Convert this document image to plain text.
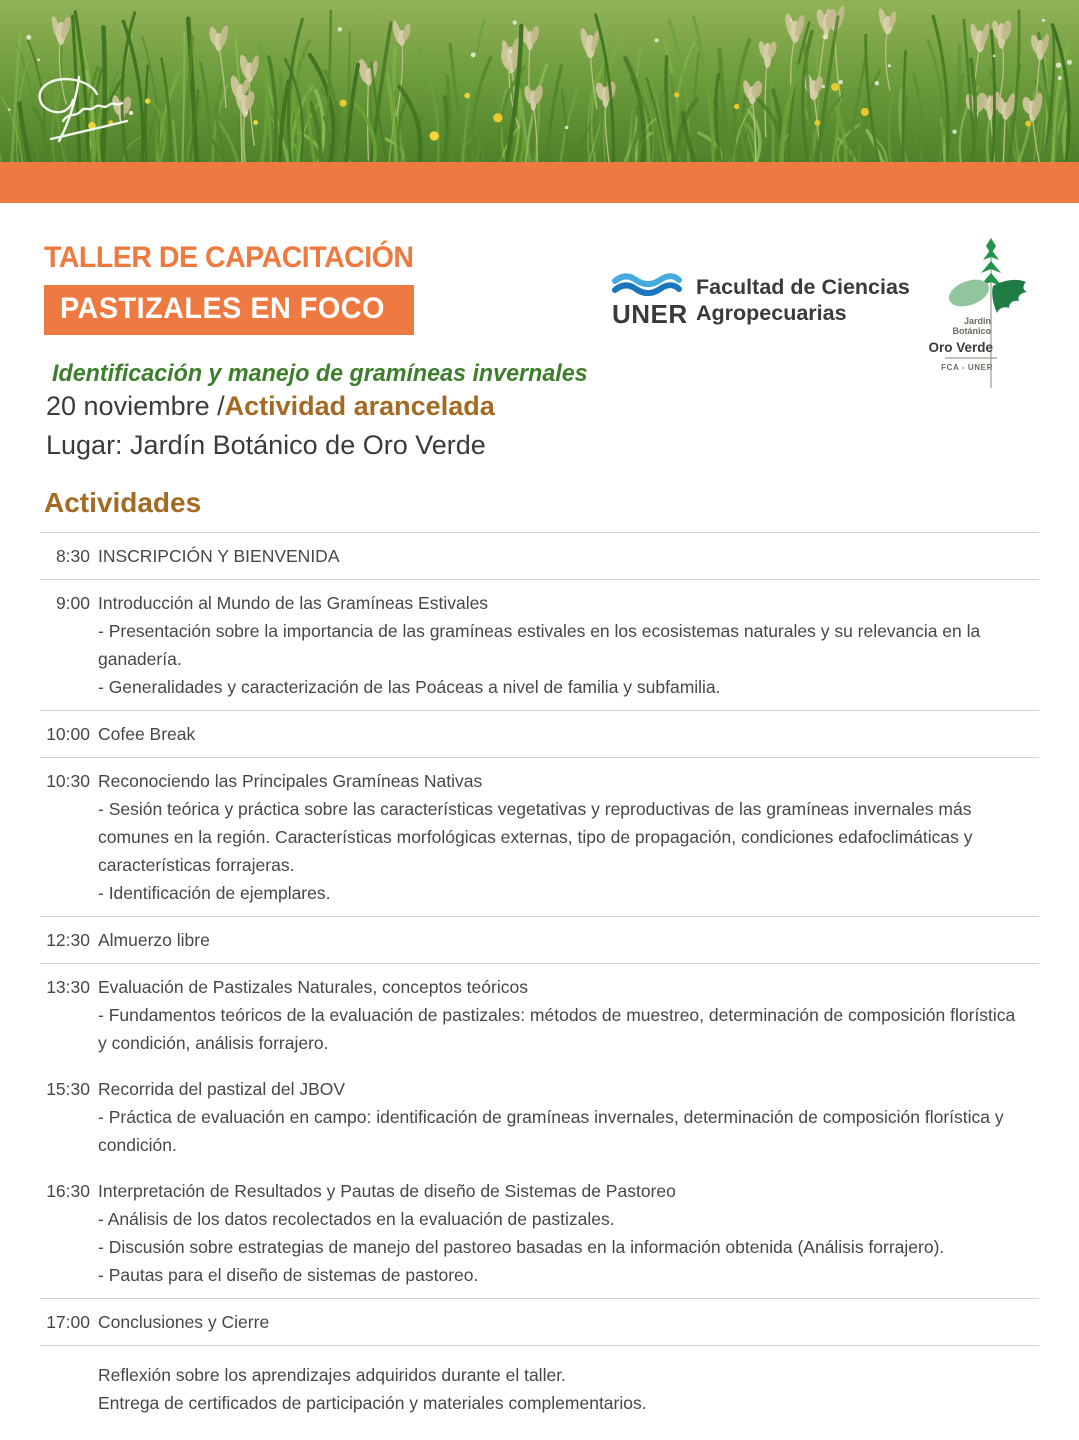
TALLER DE CAPACITACIÓN
PASTIZALES EN FOCO
Identificación y manejo de gramíneas invernales
20 noviembre /Actividad arancelada
Lugar: Jardín Botánico de Oro Verde
UNER
Facultad de Ciencias
Agropecuarias	Jardín
Botánico
Oro Verde
FCA - UNER
Actividades
8:30 INSCRIPCIÓN Y BIENVENIDA
9:00 Introducción al Mundo de las Gramíneas Estivales
- Presentación sobre la importancia de las gramíneas estivales en los ecosistemas naturales y su relevancia en la ganadería.
- Generalidades y caracterización de las Poáceas a nivel de familia y subfamilia.
10:00 Cofee Break
10:30 Reconociendo las Principales Gramíneas Nativas
- Sesión teórica y práctica sobre las características vegetativas y reproductivas de las gramíneas invernales más comunes en la región. Características morfológicas externas, tipo de propagación, condiciones edafoclimáticas y características forrajeras.
- Identificación de ejemplares.
12:30 Almuerzo libre
13:30 Evaluación de Pastizales Naturales, conceptos teóricos
- Fundamentos teóricos de la evaluación de pastizales: métodos de muestreo, determinación de composición florística y condición, análisis forrajero.
15:30 Recorrida del pastizal del JBOV
- Práctica de evaluación en campo: identificación de gramíneas invernales, determinación de composición florística y condición.
16:30 Interpretación de Resultados y Pautas de diseño de Sistemas de Pastoreo
- Análisis de los datos recolectados en la evaluación de pastizales.
- Discusión sobre estrategias de manejo del pastoreo basadas en la información obtenida (Análisis forrajero).
- Pautas para el diseño de sistemas de pastoreo.
17:00 Conclusiones y Cierre
Reflexión sobre los aprendizajes adquiridos durante el taller.
Entrega de certificados de participación y materiales complementarios.
